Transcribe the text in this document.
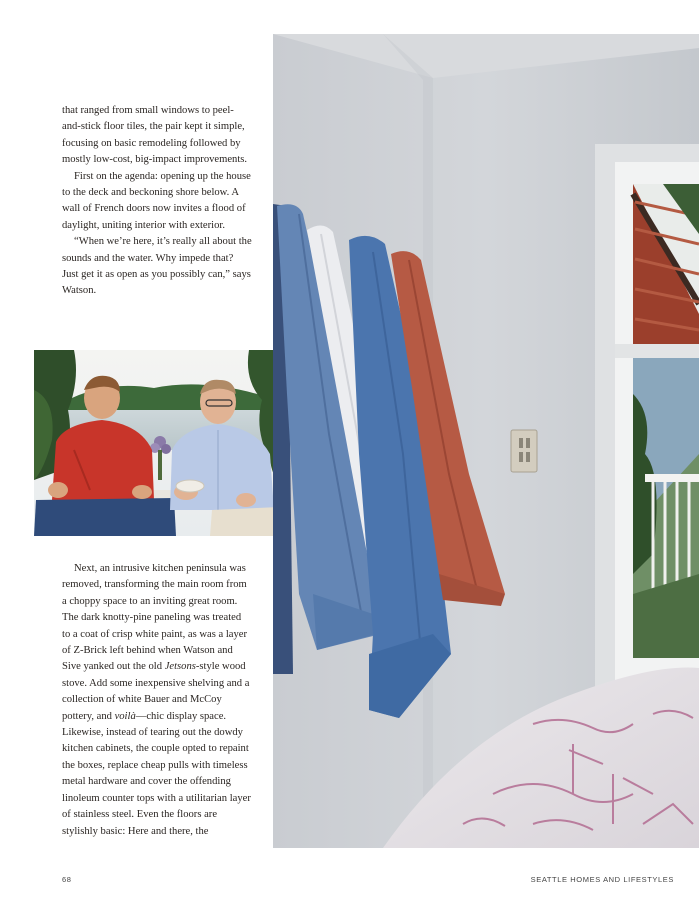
that ranged from small windows to peel-and-stick floor tiles, the pair kept it simple, focusing on basic remodeling followed by mostly low-cost, big-impact improvements.

First on the agenda: opening up the house to the deck and beckoning shore below. A wall of French doors now invites a flood of daylight, uniting interior with exterior.

“When we’re here, it’s really all about the sounds and the water. Why impede that? Just get it as open as you possibly can,” says Watson.

Next, an intrusive kitchen peninsula was removed, transforming the main room from a choppy space to an inviting great room. The dark knotty-pine paneling was treated to a coat of crisp white paint, as was a layer of Z-Brick left behind when Watson and Sive yanked out the old Jetsons-style wood stove. Add some inexpensive shelving and a collection of white Bauer and McCoy pottery, and voilà—chic display space. Likewise, instead of tearing out the dowdy kitchen cabinets, the couple opted to repaint the boxes, replace cheap pulls with timeless metal hardware and cover the offending linoleum counter tops with a utilitarian layer of stainless steel. Even the floors are stylishly basic: Here and there, the

68	SEATTLE HOMES AND LIFESTYLES
